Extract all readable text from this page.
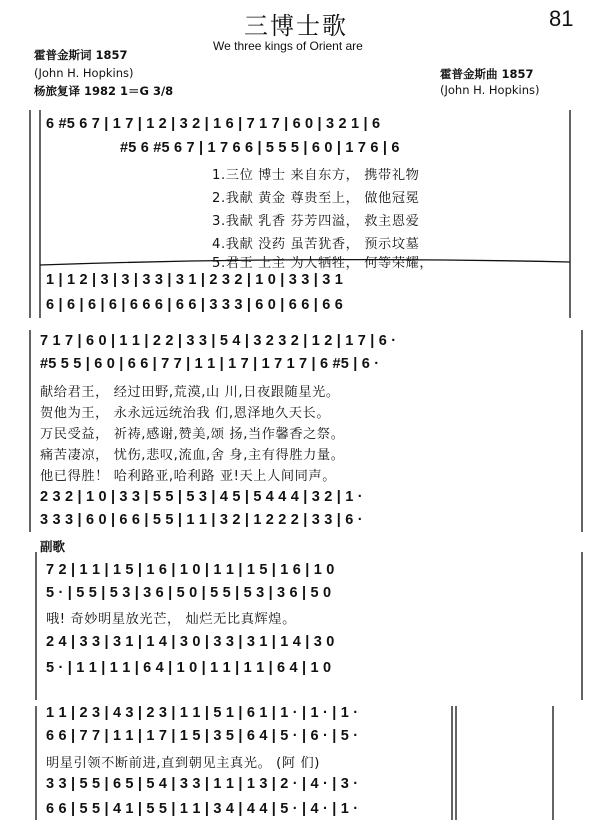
三博士歌	81
We three kings of Orient are
霍普金斯词 1857
(John H. Hopkins)
杨旅复译 1982 1＝G 3/8
霍普金斯曲 1857
(John H. Hopkins)
6 #5 6 7 | 1 7 | 1 2 | 3 2 | 1 6 | 7 1 7 | 6 0 | 3 2 1 | 6
#5 6 #5 6 7 | 1 7 6 6 | 5 5 5 | 6 0 | 1 7 6 | 6
1.三位 博士 来自东方， 携带礼物
2.我献 黄金 尊贵至上， 做他冠冕
3.我献 乳香 芬芳四溢， 救主恩爱
4.我献 没药 虽苦犹香， 预示坟墓
5.君王 上主 为人牺牲， 何等荣耀，
1 | 1 2 | 3 | 3 | 3 3 | 3 1 | 2 3 2 | 1 0 | 3 3 | 3 1
6 | 6 | 6 | 6 | 6 6 6 | 6 6 | 3 3 3 | 6 0 | 6 6 | 6 6
7 1 7 | 6 0 | 1 1 | 2 2 | 3 3 | 5 4 | 3 2 3 2 | 1 2 | 1 7 | 6 ·
#5 5 5 | 6 0 | 6 6 | 7 7 | 1 1 | 1 7 | 1 7 1 7 | 6 #5 | 6 ·
献给君王， 经过田野,荒漠,山 川,日夜跟随星光。
贺他为王， 永永远远统治我 们,恩泽地久天长。
万民受益， 祈祷,感谢,赞美,颂 扬,当作馨香之祭。
痛苦凄凉， 忧伤,悲叹,流血,舍 身,主有得胜力量。
他已得胜！ 哈利路亚,哈利路 亚!天上人间同声。
2 3 2 | 1 0 | 3 3 | 5 5 | 5 3 | 4 5 | 5 4 4 4 | 3 2 | 1 ·
3 3 3 | 6 0 | 6 6 | 5 5 | 1 1 | 3 2 | 1 2 2 2 | 3 3 | 6 ·
副歌
7 2 | 1 1 | 1 5 | 1 6 | 1 0 | 1 1 | 1 5 | 1 6 | 1 0
5 · | 5 5 | 5 3 | 3 6 | 5 0 | 5 5 | 5 3 | 3 6 | 5 0
哦! 奇妙明星放光芒， 灿烂无比真辉煌。
2 4 | 3 3 | 3 1 | 1 4 | 3 0 | 3 3 | 3 1 | 1 4 | 3 0
5 · | 1 1 | 1 1 | 6 4 | 1 0 | 1 1 | 1 1 | 6 4 | 1 0
1 1 | 2 3 | 4 3 | 2 3 | 1 1 | 5 1 | 6 1 | 1 · | 1 · | 1 ·
6 6 | 7 7 | 1 1 | 1 7 | 1 5 | 3 5 | 6 4 | 5 · | 6 · | 5 ·
明星引领不断前进,直到朝见主真光。 (阿 们)
3 3 | 5 5 | 6 5 | 5 4 | 3 3 | 1 1 | 1 3 | 2 · | 4 · | 3 ·
6 6 | 5 5 | 4 1 | 5 5 | 1 1 | 3 4 | 4 4 | 5 · | 4 · | 1 ·
